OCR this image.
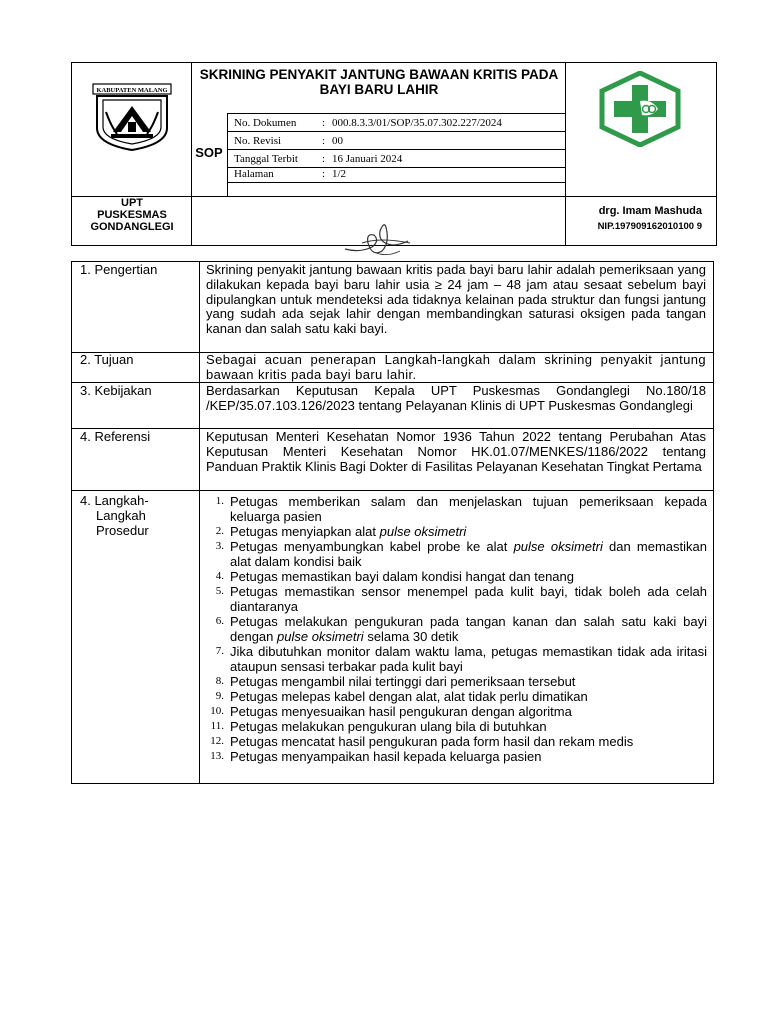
KABUPATEN MALANG
SKRINING PENYAKIT JANTUNG BAWAAN KRITIS PADA BAYI BARU LAHIR
SOP
No. Dokumen : 000.8.3.3/01/SOP/35.07.302.227/2024
No. Revisi	: 00
Tanggal Terbit : 16 Januari 2024
Halaman	: 1/2
UPT
PUSKESMAS
GONDANGLEGI
drg. Imam Mashuda
NIP.197909162010100 9
1. Pengertian	Skrining penyakit jantung bawaan kritis pada bayi baru lahir adalah pemeriksaan yang dilakukan kepada bayi baru lahir usia ≥ 24 jam – 48 jam atau sesaat sebelum bayi dipulangkan untuk mendeteksi ada tidaknya kelainan pada struktur dan fungsi jantung yang sudah ada sejak lahir dengan membandingkan saturasi oksigen pada tangan kanan dan salah satu kaki bayi.
2. Tujuan	Sebagai acuan penerapan Langkah-langkah dalam skrining penyakit jantung bawaan kritis pada bayi baru lahir.
3. Kebijakan	Berdasarkan Keputusan Kepala UPT Puskesmas Gondanglegi No.180/18 /KEP/35.07.103.126/2023 tentang Pelayanan Klinis di UPT Puskesmas Gondanglegi
4. Referensi	Keputusan Menteri Kesehatan Nomor 1936 Tahun 2022 tentang Perubahan Atas Keputusan Menteri Kesehatan Nomor HK.01.07/MENKES/1186/2022 tentang Panduan Praktik Klinis Bagi Dokter di Fasilitas Pelayanan Kesehatan Tingkat Pertama
4. Langkah-
Langkah
Prosedur
1. Petugas memberikan salam dan menjelaskan tujuan pemeriksaan kepada keluarga pasien
2. Petugas menyiapkan alat pulse oksimetri
3. Petugas menyambungkan kabel probe ke alat pulse oksimetri dan memastikan alat dalam kondisi baik
4. Petugas memastikan bayi dalam kondisi hangat dan tenang
5. Petugas memastikan sensor menempel pada kulit bayi, tidak boleh ada celah diantaranya
6. Petugas melakukan pengukuran pada tangan kanan dan salah satu kaki bayi dengan pulse oksimetri selama 30 detik
7. Jika dibutuhkan monitor dalam waktu lama, petugas memastikan tidak ada iritasi ataupun sensasi terbakar pada kulit bayi
8. Petugas mengambil nilai tertinggi dari pemeriksaan tersebut
9. Petugas melepas kabel dengan alat, alat tidak perlu dimatikan
10. Petugas menyesuaikan hasil pengukuran dengan algoritma
11. Petugas melakukan pengukuran ulang bila di butuhkan
12. Petugas mencatat hasil pengukuran pada form hasil dan rekam medis
13. Petugas menyampaikan hasil kepada keluarga pasien
